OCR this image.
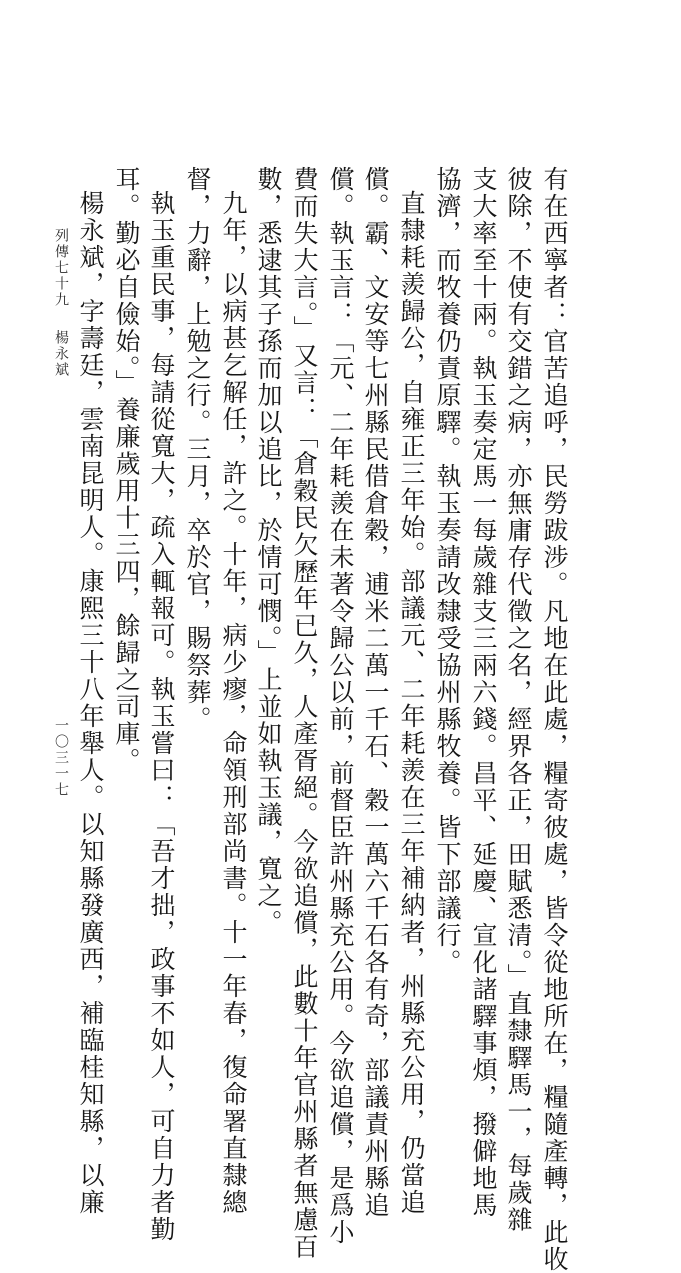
有在西寧者：官苦追呼，民勞跋涉。凡地在此處，糧寄彼處，皆令從地所在，糧隨產轉，此收
彼除，不使有交錯之病，亦無庸存代徵之名，經界各正，田賦悉清。」直隸驛馬一，每歲雜
支大率至十兩。執玉奏定馬一每歲雜支三兩六錢。昌平、延慶、宣化諸驛事煩，撥僻地馬
協濟，而牧養仍責原驛。執玉奏請改隸受協州縣牧養。皆下部議行。
直隸耗羨歸公，自雍正三年始。部議元、二年耗羨在三年補納者，州縣充公用，仍當追
償。霸、文安等七州縣民借倉穀，逋米二萬一千石、穀一萬六千石各有奇，部議責州縣追
償。執玉言：「元、二年耗羨在未著令歸公以前，前督臣許州縣充公用。今欲追償，是爲小
費而失大言。」又言：「倉穀民欠歷年已久，人產胥絕。今欲追償，此數十年官州縣者無慮百
數，悉逮其子孫而加以追比，於情可憫。」上並如執玉議，寬之。
九年，以病甚乞解任，許之。十年，病少瘳，命領刑部尚書。十一年春，復命署直隸總
督，力辭，上勉之行。三月，卒於官，賜祭葬。
執玉重民事，每請從寬大，疏入輒報可。執玉嘗曰：「吾才拙，政事不如人，可自力者勤
耳。勤必自儉始。」養廉歲用十三四，餘歸之司庫。
楊永斌，字壽廷，雲南昆明人。康熙三十八年舉人。以知縣發廣西，補臨桂知縣，以廉
列傳七十九
楊永斌
一〇三一七
